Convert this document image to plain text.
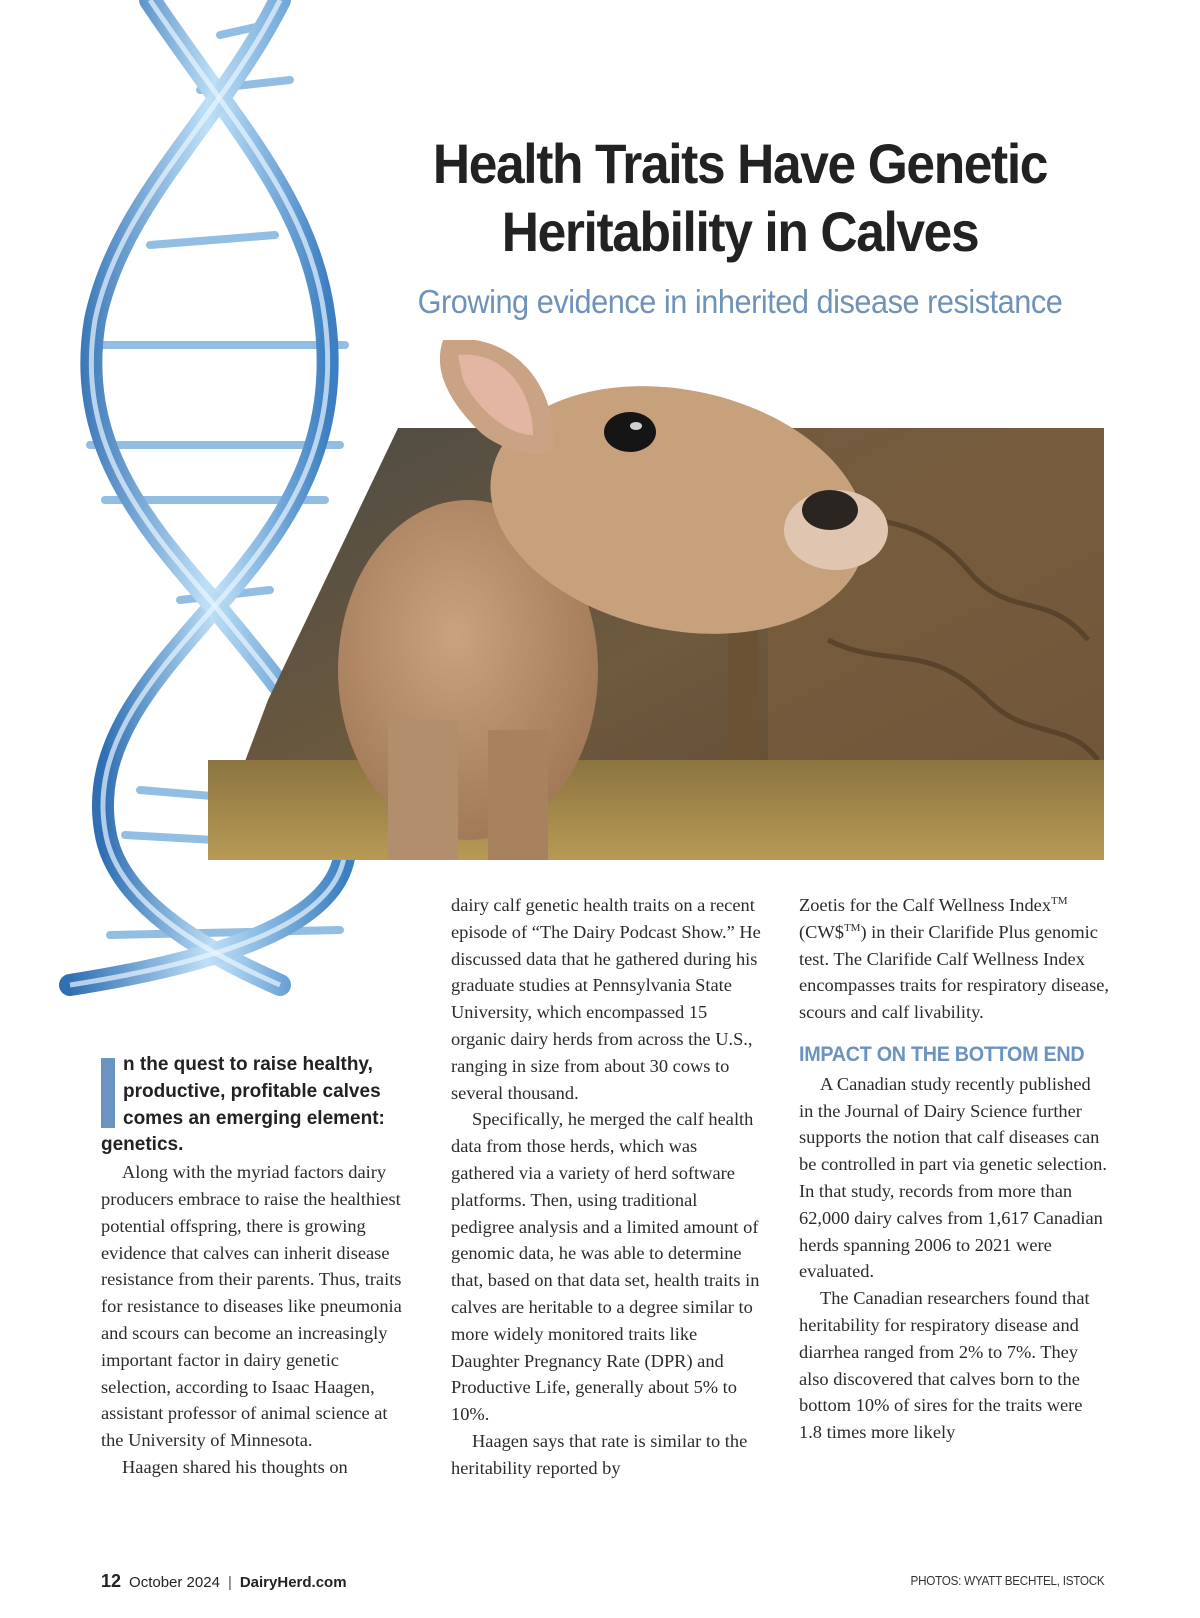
Health Traits Have Genetic
Heritability in Calves
Growing evidence in inherited disease resistance

n the quest to raise healthy, productive, profitable calves comes an emerging element: genetics.

Along with the myriad factors dairy producers embrace to raise the healthiest potential offspring, there is growing evidence that calves can inherit disease resistance from their parents. Thus, traits for resistance to diseases like pneumonia and scours can become an increasingly important factor in dairy genetic selection, according to Isaac Haagen, assistant professor of animal science at the University of Minnesota.

Haagen shared his thoughts on

dairy calf genetic health traits on a recent episode of “The Dairy Podcast Show.” He discussed data that he gathered during his graduate studies at Pennsylvania State University, which encompassed 15 organic dairy herds from across the U.S., ranging in size from about 30 cows to several thousand.

Specifically, he merged the calf health data from those herds, which was gathered via a variety of herd software platforms. Then, using traditional pedigree analysis and a limited amount of genomic data, he was able to determine that, based on that data set, health traits in calves are heritable to a degree similar to more widely monitored traits like Daughter Pregnancy Rate (DPR) and Productive Life, generally about 5% to 10%.

Haagen says that rate is similar to the heritability reported by

Zoetis for the Calf Wellness Index™ (CW$™) in their Clarifide Plus genomic test. The Clarifide Calf Wellness Index encompasses traits for respiratory disease, scours and calf livability.

IMPACT ON THE BOTTOM END

A Canadian study recently published in the Journal of Dairy Science further supports the notion that calf diseases can be controlled in part via genetic selection. In that study, records from more than 62,000 dairy calves from 1,617 Canadian herds spanning 2006 to 2021 were evaluated.

The Canadian researchers found that heritability for respiratory disease and diarrhea ranged from 2% to 7%. They also discovered that calves born to the bottom 10% of sires for the traits were 1.8 times more likely

12 October 2024 | DairyHerd.com	PHOTOS: WYATT BECHTEL, ISTOCK
